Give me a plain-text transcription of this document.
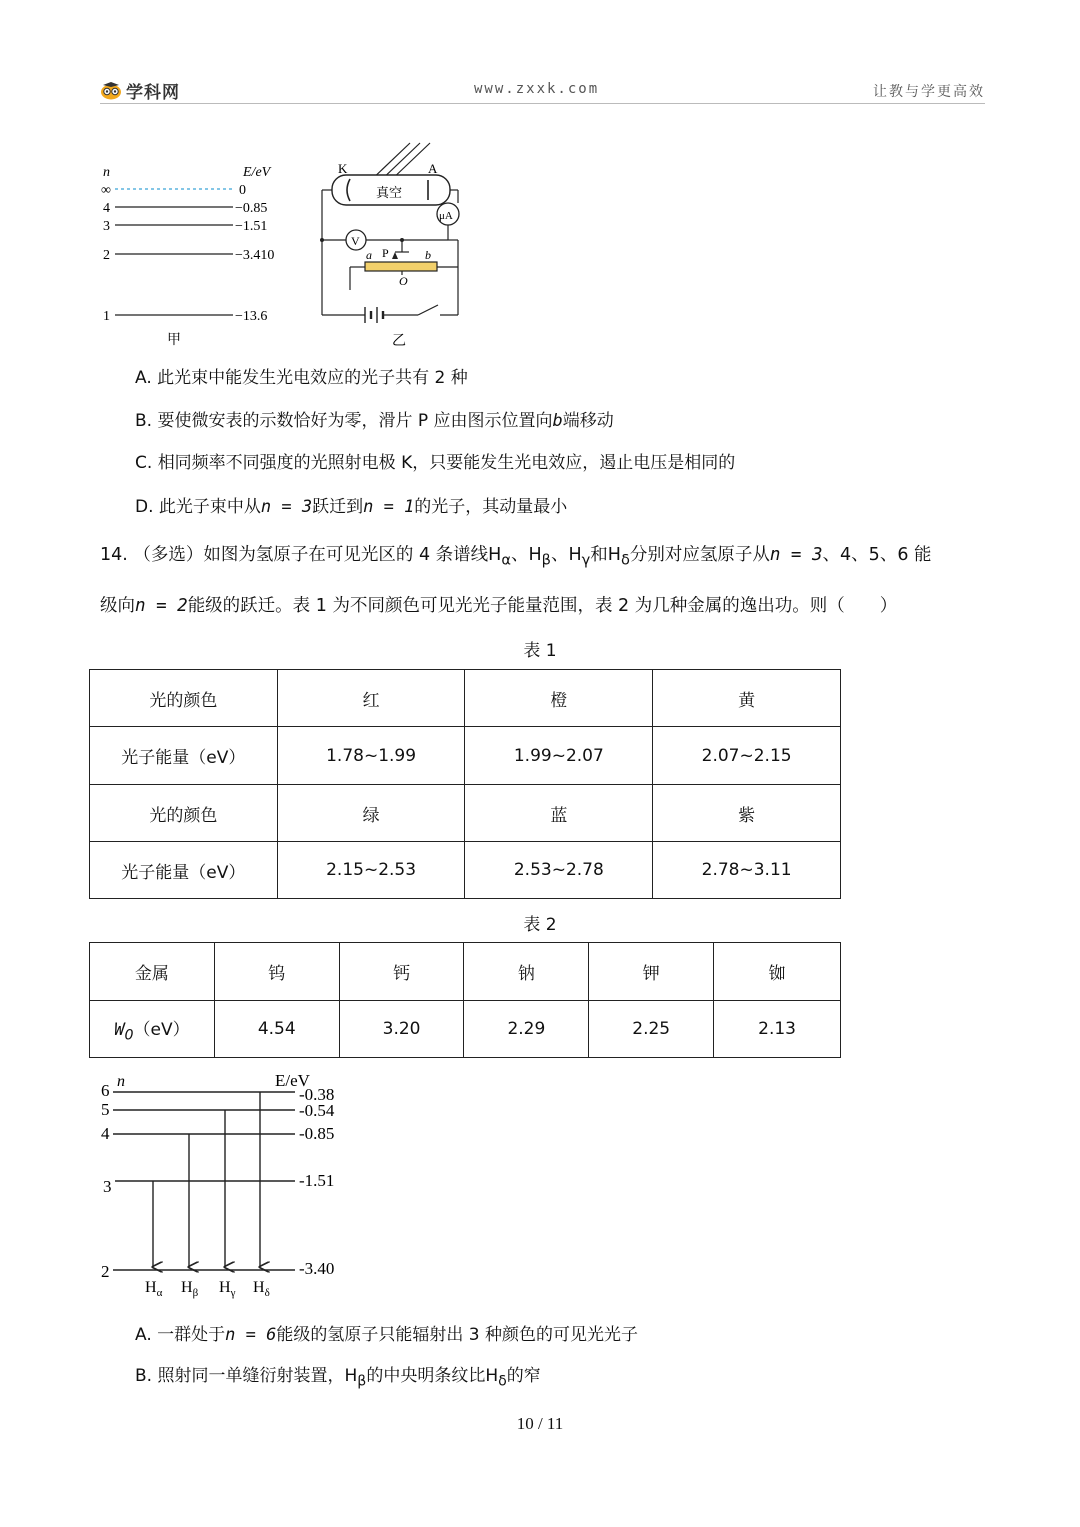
学科网	www.zxxk.com	让教与学更高效
n	E/eV
∞	0
4	−0.85
3	−1.51
2	−3.410
1	−13.6
甲
K	A
真空
μA
V
P
a	b
O
乙
A. 此光束中能发生光电效应的光子共有 2 种
B. 要使微安表的示数恰好为零，滑片 P 应由图示位置向b端移动
C. 相同频率不同强度的光照射电极 K，只要能发生光电效应，遏止电压是相同的
D. 此光子束中从n = 3跃迁到n = 1的光子，其动量最小
14. （多选）如图为氢原子在可见光区的 4 条谱线$H_\alpha$、$H_\beta$、$H_\gamma$和$H_\delta$分别对应氢原子从n = 3、4、5、6 能
级向n = 2能级的跃迁。表 1 为不同颜色可见光光子能量范围，表 2 为几种金属的逸出功。则（　　）
表 1
光的颜色	红	橙	黄
光子能量（eV）	1.78~1.99	1.99~2.07	2.07~2.15
光的颜色	绿	蓝	紫
光子能量（eV）	2.15~2.53	2.53~2.78	2.78~3.11
表 2
金属	钨	钙	钠	钾	铷
$W_0(eV)$	4.54	3.20	2.29	2.25	2.13
n	E/eV
6	-0.38
5	-0.54
4	-0.85
3	-1.51
2	-3.40
$H_\alpha$ $H_\beta$ $H_\gamma$ $H_\delta$
A. 一群处于n = 6能级的氢原子只能辐射出 3 种颜色的可见光光子
B. 照射同一单缝衍射装置，$H_\beta$的中央明条纹比$H_\delta$的窄
10 / 11
